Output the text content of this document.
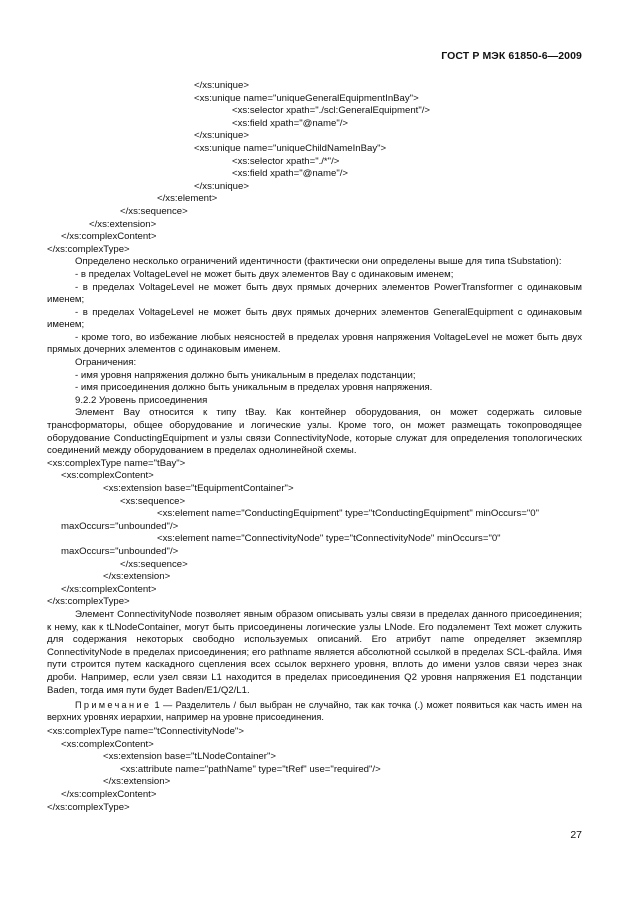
ГОСТ Р МЭК 61850-6—2009
</xs:unique>
<xs:unique name="uniqueGeneralEquipmentInBay">
<xs:selector xpath="./scl:GeneralEquipment"/>
<xs:field xpath="@name"/>
</xs:unique>
<xs:unique name="uniqueChildNameInBay">
<xs:selector xpath="./*"/>
<xs:field xpath="@name"/>
</xs:unique>
</xs:element>
</xs:sequence>
</xs:extension>
</xs:complexContent>
</xs:complexType>
Определено несколько ограничений идентичности (фактически они определены выше для типа tSubstation):
- в пределах VoltageLevel не может быть двух элементов Bay с одинаковым именем;
- в пределах VoltageLevel не может быть двух прямых дочерних элементов PowerTransformer с одинаковым именем;
- в пределах VoltageLevel не может быть двух прямых дочерних элементов GeneralEquipment с одинаковым именем;
- кроме того, во избежание любых неясностей в пределах уровня напряжения VoltageLevel не может быть двух прямых дочерних элементов с одинаковым именем.
Ограничения:
- имя уровня напряжения должно быть уникальным в пределах подстанции;
- имя присоединения должно быть уникальным в пределах уровня напряжения.
9.2.2 Уровень присоединения
Элемент Bay относится к типу tBay. Как контейнер оборудования, он может содержать силовые трансформаторы, общее оборудование и логические узлы. Кроме того, он может размещать токопроводящее оборудование ConductingEquipment и узлы связи ConnectivityNode, которые служат для определения топологических соединений между оборудованием в пределах однолинейной схемы.
<xs:complexType name="tBay">
<xs:complexContent>
<xs:extension base="tEquipmentContainer">
<xs:sequence>
<xs:element name="ConductingEquipment" type="tConductingEquipment" minOccurs="0"
maxOccurs="unbounded"/>
<xs:element name="ConnectivityNode" type="tConnectivityNode" minOccurs="0"
maxOccurs="unbounded"/>
</xs:sequence>
</xs:extension>
</xs:complexContent>
</xs:complexType>
Элемент ConnectivityNode позволяет явным образом описывать узлы связи в пределах данного присоединения; к нему, как к tLNodeContainer, могут быть присоединены логические узлы LNode. Его подэлемент Text может служить для содержания некоторых свободно используемых описаний. Его атрибут name определяет экземпляр ConnectivityNode в пределах присоединения; его pathname является абсолютной ссылкой в пределах SCL-файла. Имя пути строится путем каскадного сцепления всех ссылок верхнего уровня, вплоть до имени узлов связи через знак дроби. Например, если узел связи L1 находится в пределах присоединения Q2 уровня напряжения E1 подстанции Baden, тогда имя пути будет Baden/E1/Q2/L1.
Примечание 1 — Разделитель / был выбран не случайно, так как точка (.) может появиться как часть имен на верхних уровнях иерархии, например на уровне присоединения.
<xs:complexType name="tConnectivityNode">
<xs:complexContent>
<xs:extension base="tLNodeContainer">
<xs:attribute name="pathName" type="tRef" use="required"/>
</xs:extension>
</xs:complexContent>
</xs:complexType>
27
